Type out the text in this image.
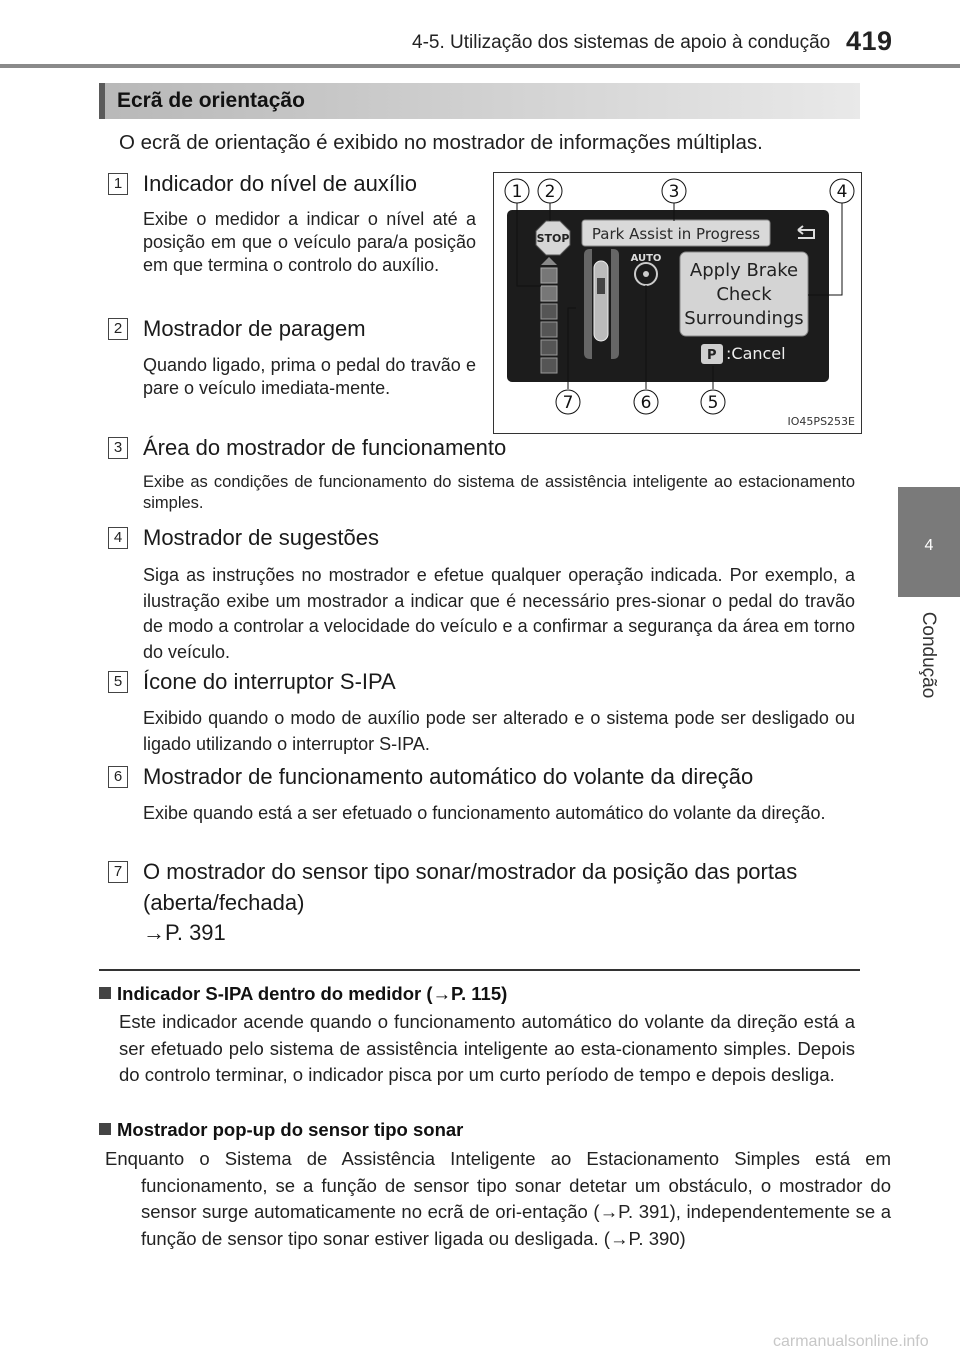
4-5. Utilização dos sistemas de apoio à condução 419
4
Condução
Ecrã de orientação
O ecrã de orientação é exibido no mostrador de informações múltiplas.
1 Indicador do nível de auxílio
Exibe o medidor a indicar o nível até a posição em que o veículo para/a posição em que termina o controlo do auxílio.
2 Mostrador de paragem
Quando ligado, prima o pedal do travão e pare o veículo imediata-mente.
Park Assist in Progress
STOP
AUTO
Apply Brake
Check
Surroundings
P :Cancel
1 2	3	4
7	6	5
IO45PS253E
3 Área do mostrador de funcionamento
Exibe as condições de funcionamento do sistema de assistência inteligente ao estacionamento simples.
4 Mostrador de sugestões
Siga as instruções no mostrador e efetue qualquer operação indicada. Por exemplo, a ilustração exibe um mostrador a indicar que é necessário pres-sionar o pedal do travão de modo a controlar a velocidade do veículo e a confirmar a segurança da área em torno do veículo.
5 Ícone do interruptor S-IPA
Exibido quando o modo de auxílio pode ser alterado e o sistema pode ser desligado ou ligado utilizando o interruptor S-IPA.
6 Mostrador de funcionamento automático do volante da direção
Exibe quando está a ser efetuado o funcionamento automático do volante da direção.
7 O mostrador do sensor tipo sonar/mostrador da posição das portas (aberta/fechada)
→P. 391
Indicador S-IPA dentro do medidor (→P. 115)
Este indicador acende quando o funcionamento automático do volante da direção está a ser efetuado pelo sistema de assistência inteligente ao esta-cionamento simples. Depois do controlo terminar, o indicador pisca por um curto período de tempo e depois desliga.
Mostrador pop-up do sensor tipo sonar
Enquanto o Sistema de Assistência Inteligente ao Estacionamento Simples está em funcionamento, se a função de sensor tipo sonar detetar um obstáculo, o mostrador do sensor surge automaticamente no ecrã de ori-entação (→P. 391), independentemente se a função de sensor tipo sonar estiver ligada ou desligada. (→P. 390)
carmanualsonline.info
